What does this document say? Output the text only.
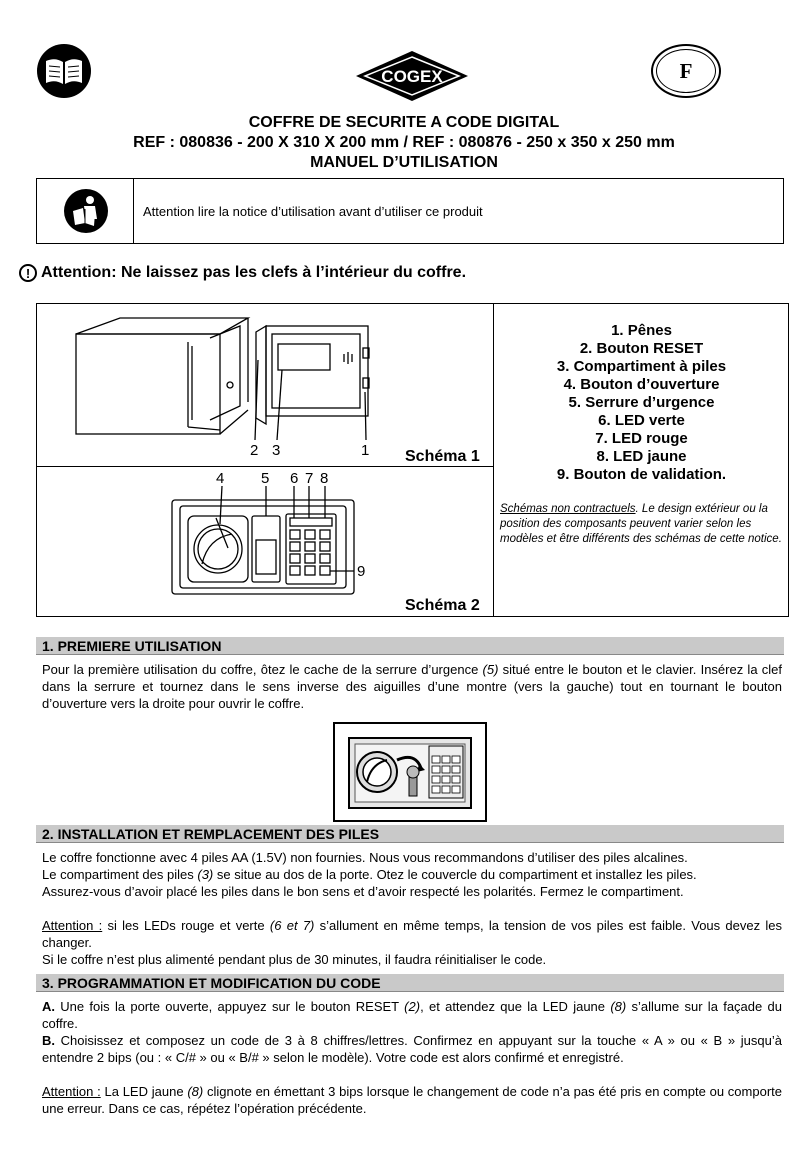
COGEX	F
COFFRE DE SECURITE A CODE DIGITAL
REF : 080836 - 200 X 310 X 200 mm / REF : 080876 - 250 x 350 x 250 mm
MANUEL D’UTILISATION
Attention lire la notice d’utilisation avant d’utiliser ce produit
! Attention: Ne laissez pas les clefs à l’intérieur du coffre.
2 3	1 Schéma 1
4 5 6 7 8
9
Schéma 2
1. Pênes
2. Bouton RESET
3. Compartiment à piles
4. Bouton d’ouverture
5. Serrure d’urgence
6. LED verte
7. LED rouge
8. LED jaune
9. Bouton de validation.
Schémas non contractuels. Le design extérieur ou la position des composants peuvent varier selon les modèles et être différents des schémas de cette notice.
1. PREMIERE UTILISATION

Pour la première utilisation du coffre, ôtez le cache de la serrure d’urgence (5) situé entre le bouton et le clavier. Insérez la clef dans la serrure et tournez dans le sens inverse des aiguilles d’une montre (vers la gauche) tout en tournant le bouton d’ouverture vers la droite pour ouvrir le coffre.

2. INSTALLATION ET REMPLACEMENT DES PILES

Le coffre fonctionne avec 4 piles AA (1.5V) non fournies. Nous vous recommandons d’utiliser des piles alcalines.

Le compartiment des piles (3) se situe au dos de la porte. Otez le couvercle du compartiment et installez les piles.

Assurez-vous d’avoir placé les piles dans le bon sens et d’avoir respecté les polarités. Fermez le compartiment.

Attention : si les LEDs rouge et verte (6 et 7) s’allument en même temps, la tension de vos piles est faible. Vous devez les changer.

Si le coffre n’est plus alimenté pendant plus de 30 minutes, il faudra réinitialiser le code.

3. PROGRAMMATION ET MODIFICATION DU CODE

A. Une fois la porte ouverte, appuyez sur le bouton RESET (2), et attendez que la LED jaune (8) s’allume sur la façade du coffre.

B. Choisissez et composez un code de 3 à 8 chiffres/lettres. Confirmez en appuyant sur la touche « A » ou « B » jusqu’à entendre 2 bips (ou : « C/# » ou « B/# » selon le modèle). Votre code est alors confirmé et enregistré.

Attention : La LED jaune (8) clignote en émettant 3 bips lorsque le changement de code n’a pas été pris en compte ou comporte une erreur. Dans ce cas, répétez l’opération précédente.
